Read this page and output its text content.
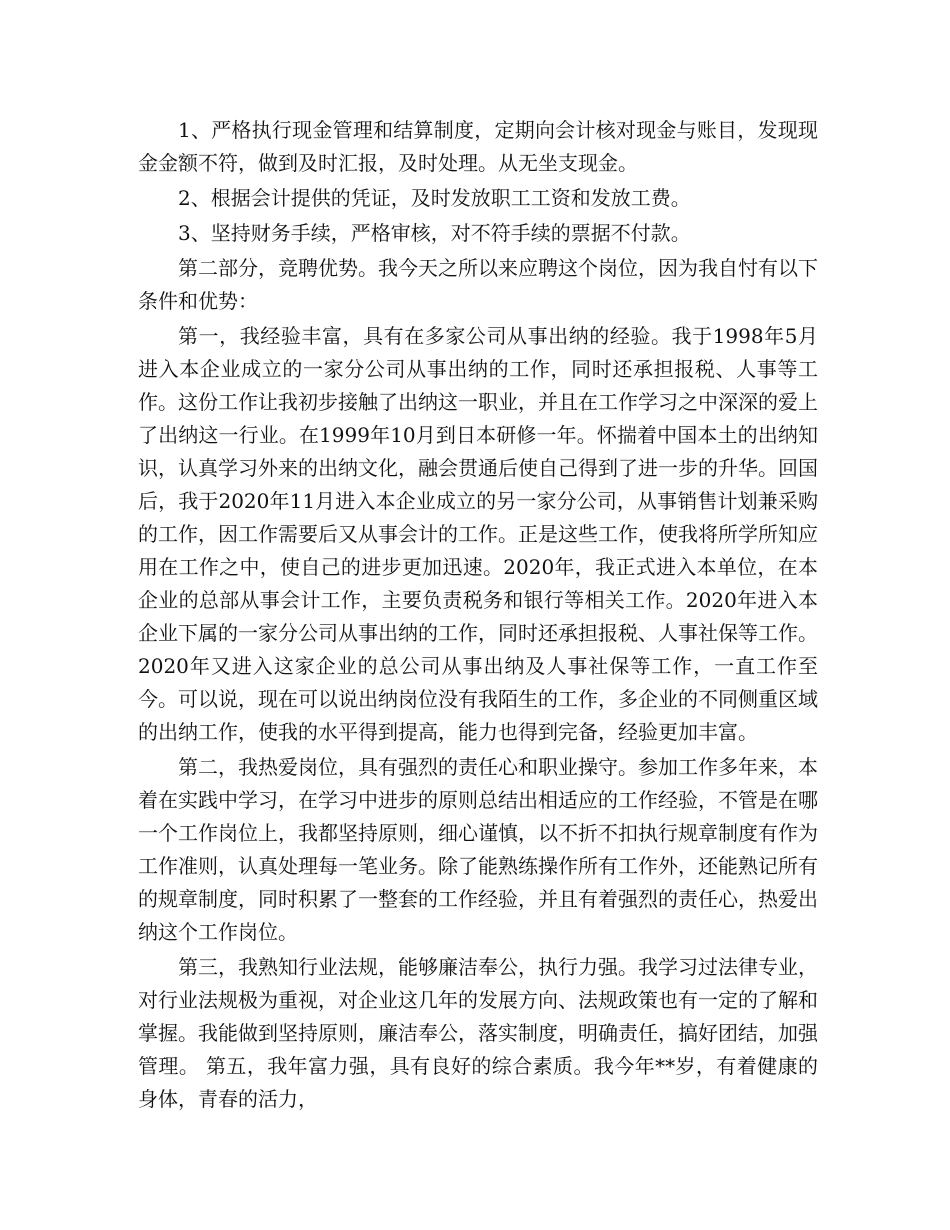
1、严格执行现金管理和结算制度，定期向会计核对现金与账目，发现现金金额不符，做到及时汇报，及时处理。从无坐支现金。

2、根据会计提供的凭证，及时发放职工工资和发放工费。

3、坚持财务手续，严格审核，对不符手续的票据不付款。

第二部分，竞聘优势。我今天之所以来应聘这个岗位，因为我自忖有以下条件和优势：

第一，我经验丰富，具有在多家公司从事出纳的经验。我于1998年5月进入本企业成立的一家分公司从事出纳的工作，同时还承担报税、人事等工作。这份工作让我初步接触了出纳这一职业，并且在工作学习之中深深的爱上了出纳这一行业。在1999年10月到日本研修一年。怀揣着中国本土的出纳知识，认真学习外来的出纳文化，融会贯通后使自己得到了进一步的升华。回国后，我于2020年11月进入本企业成立的另一家分公司，从事销售计划兼采购的工作，因工作需要后又从事会计的工作。正是这些工作，使我将所学所知应用在工作之中，使自己的进步更加迅速。2020年，我正式进入本单位，在本企业的总部从事会计工作，主要负责税务和银行等相关工作。2020年进入本企业下属的一家分公司从事出纳的工作，同时还承担报税、人事社保等工作。2020年又进入这家企业的总公司从事出纳及人事社保等工作，一直工作至今。可以说，现在可以说出纳岗位没有我陌生的工作，多企业的不同侧重区域的出纳工作，使我的水平得到提高，能力也得到完备，经验更加丰富。

第二，我热爱岗位，具有强烈的责任心和职业操守。参加工作多年来，本着在实践中学习，在学习中进步的原则总结出相适应的工作经验，不管是在哪一个工作岗位上，我都坚持原则，细心谨慎，以不折不扣执行规章制度有作为工作准则，认真处理每一笔业务。除了能熟练操作所有工作外，还能熟记所有的规章制度，同时积累了一整套的工作经验，并且有着强烈的责任心，热爱出纳这个工作岗位。

第三，我熟知行业法规，能够廉洁奉公，执行力强。我学习过法律专业，对行业法规极为重视，对企业这几年的发展方向、法规政策也有一定的了解和掌握。我能做到坚持原则，廉洁奉公，落实制度，明确责任，搞好团结，加强管理。 第五，我年富力强，具有良好的综合素质。我今年**岁，有着健康的身体，青春的活力，
